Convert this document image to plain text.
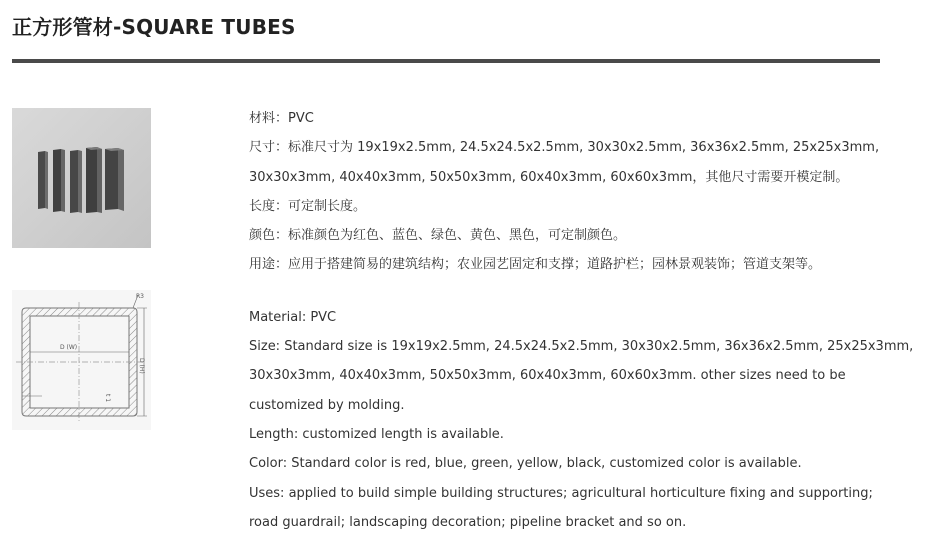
正方形管材-SQUARE TUBES
D (W)
D (H)
R3
t 1

材料：PVC

尺寸：标准尺寸为 19x19x2.5mm, 24.5x24.5x2.5mm, 30x30x2.5mm, 36x36x2.5mm, 25x25x3mm,

30x30x3mm, 40x40x3mm, 50x50x3mm, 60x40x3mm, 60x60x3mm，其他尺寸需要开模定制。

长度：可定制长度。

颜色：标准颜色为红色、蓝色、绿色、黄色、黑色，可定制颜色。

用途：应用于搭建简易的建筑结构；农业园艺固定和支撑；道路护栏；园林景观装饰；管道支架等。

Material: PVC

Size: Standard size is 19x19x2.5mm, 24.5x24.5x2.5mm, 30x30x2.5mm, 36x36x2.5mm, 25x25x3mm,

30x30x3mm, 40x40x3mm, 50x50x3mm, 60x40x3mm, 60x60x3mm. other sizes need to be

customized by molding.

Length: customized length is available.

Color: Standard color is red, blue, green, yellow, black, customized color is available.

Uses: applied to build simple building structures; agricultural horticulture fixing and supporting;

road guardrail; landscaping decoration; pipeline bracket and so on.
